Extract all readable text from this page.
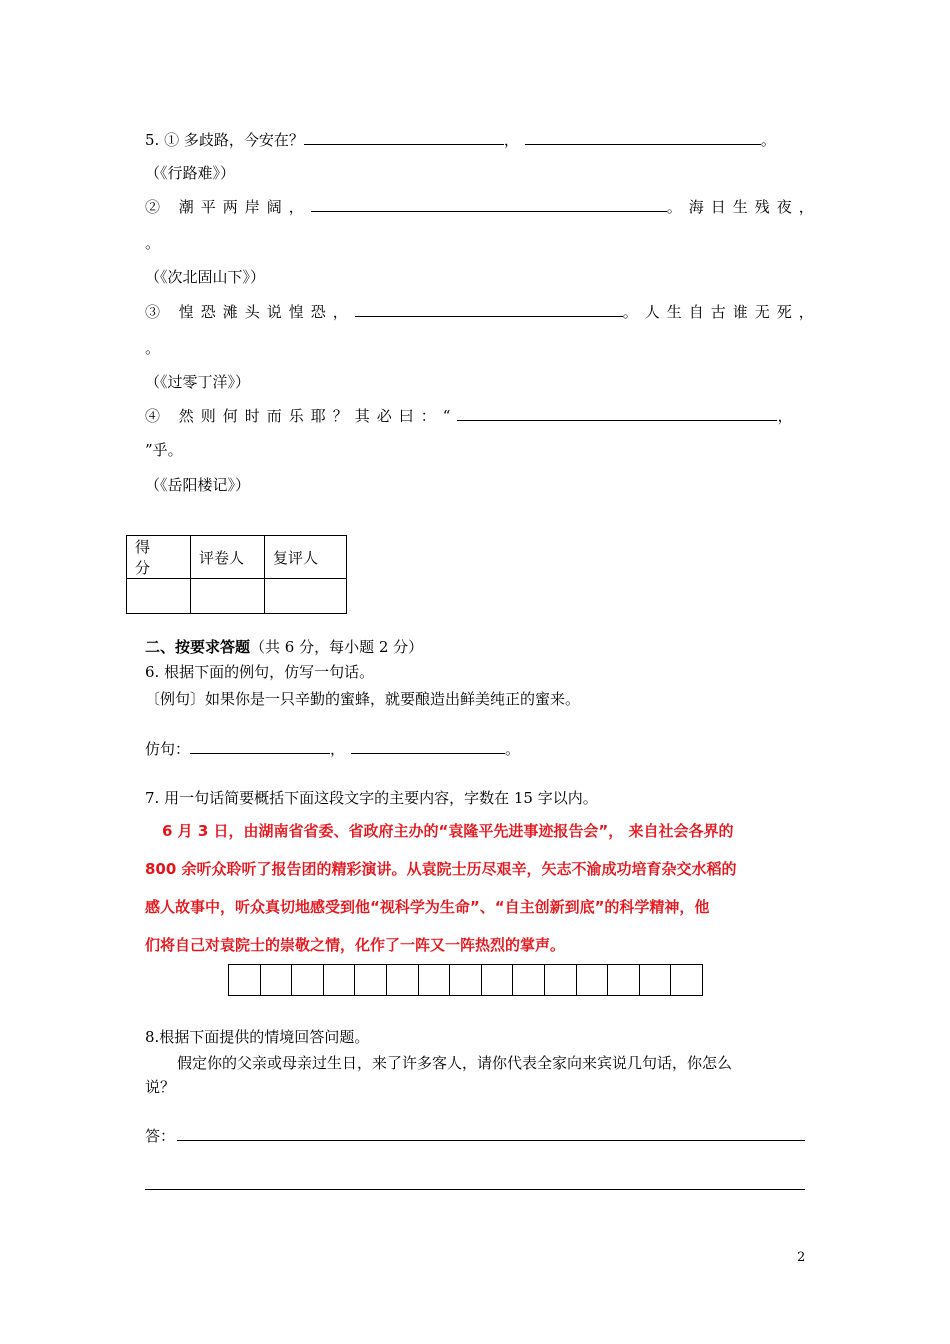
5. ① 多歧路，今安在？	，	。
（《行路难》）
② 潮平两岸阔，	。海日生残夜，
。
（《次北固山下》）
③ 惶恐滩头说惶恐，	。人生自古谁无死，
。
（《过零丁洋》）
④ 然则何时而乐耶？其必曰：“	，
”乎。
（《岳阳楼记》）
得 分	评卷人	复评人

二、按要求答题（共 6 分，每小题 2 分）
6. 根据下面的例句，仿写一句话。
〔例句〕如果你是一只辛勤的蜜蜂，就要酿造出鲜美纯正的蜜来。
仿句：	，	。
7. 用一句话简要概括下面这段文字的主要内容，字数在 15 字以内。
6 月 3 日，由湖南省省委、省政府主办的“袁隆平先进事迹报告会”， 来自社会各界的
800 余听众聆听了报告团的精彩演讲。从袁院士历尽艰辛，矢志不渝成功培育杂交水稻的
感人故事中，听众真切地感受到他“视科学为生命”、“自主创新到底”的科学精神，他
们将自己对袁院士的崇敬之情，化作了一阵又一阵热烈的掌声。
8.根据下面提供的情境回答问题。
假定你的父亲或母亲过生日，来了许多客人，请你代表全家向来宾说几句话，你怎么
说？
答：
2
